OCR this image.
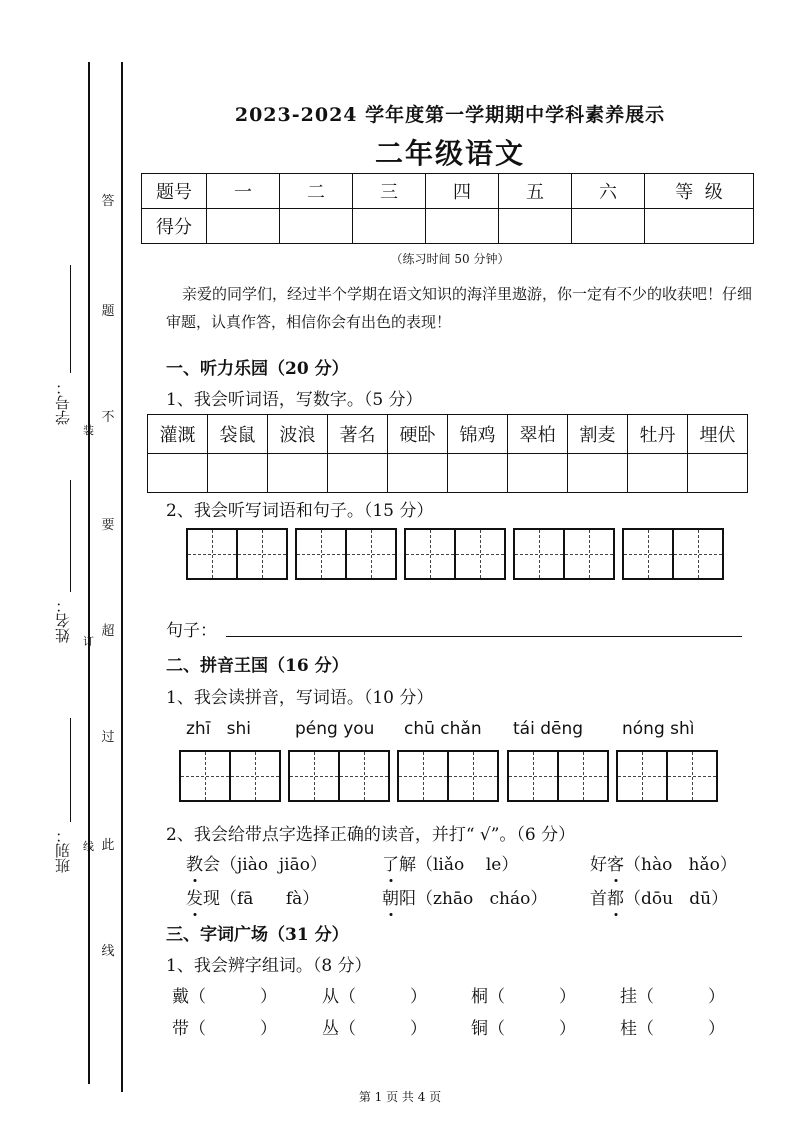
答
题
不
要
超
过
此
线
装
订
线
学号：
姓名：
班别：
2023-2024 学年度第一学期期中学科素养展示
二年级语文
题号	一	二	三	四	五	六	等  级
得分							
（练习时间 50 分钟）
亲爱的同学们，经过半个学期在语文知识的海洋里遨游，你一定有不少的收获吧！仔细审题，认真作答，相信你会有出色的表现！
一、听力乐园（20 分）
1、我会听词语，写数字。（5 分）
灌溉	袋鼠	波浪	著名	硬卧	锦鸡	翠柏	割麦	牡丹	埋伏

2、我会听写词语和句子。（15 分）
句子：
二、拼音王国（16 分）
1、我会读拼音，写词语。（10 分）
zhī   shi	péng you chū chǎn tái dēng nóng shì
2、我会给带点字选择正确的读音，并打“ √”。（6 分）
教会（jiào  jiāo）	了解（liǎo    le）	好客（hào   hǎo）
发现（fā      fà）	朝阳（zhāo   cháo）	首都（dōu   dū）
三、字词广场（31 分）
1、我会辨字组词。（8 分）
戴（          ）	从（          ）	桐（          ）	挂（          ）
带（          ）	丛（          ）	铜（          ）	桂（          ）
第 1 页 共 4 页
